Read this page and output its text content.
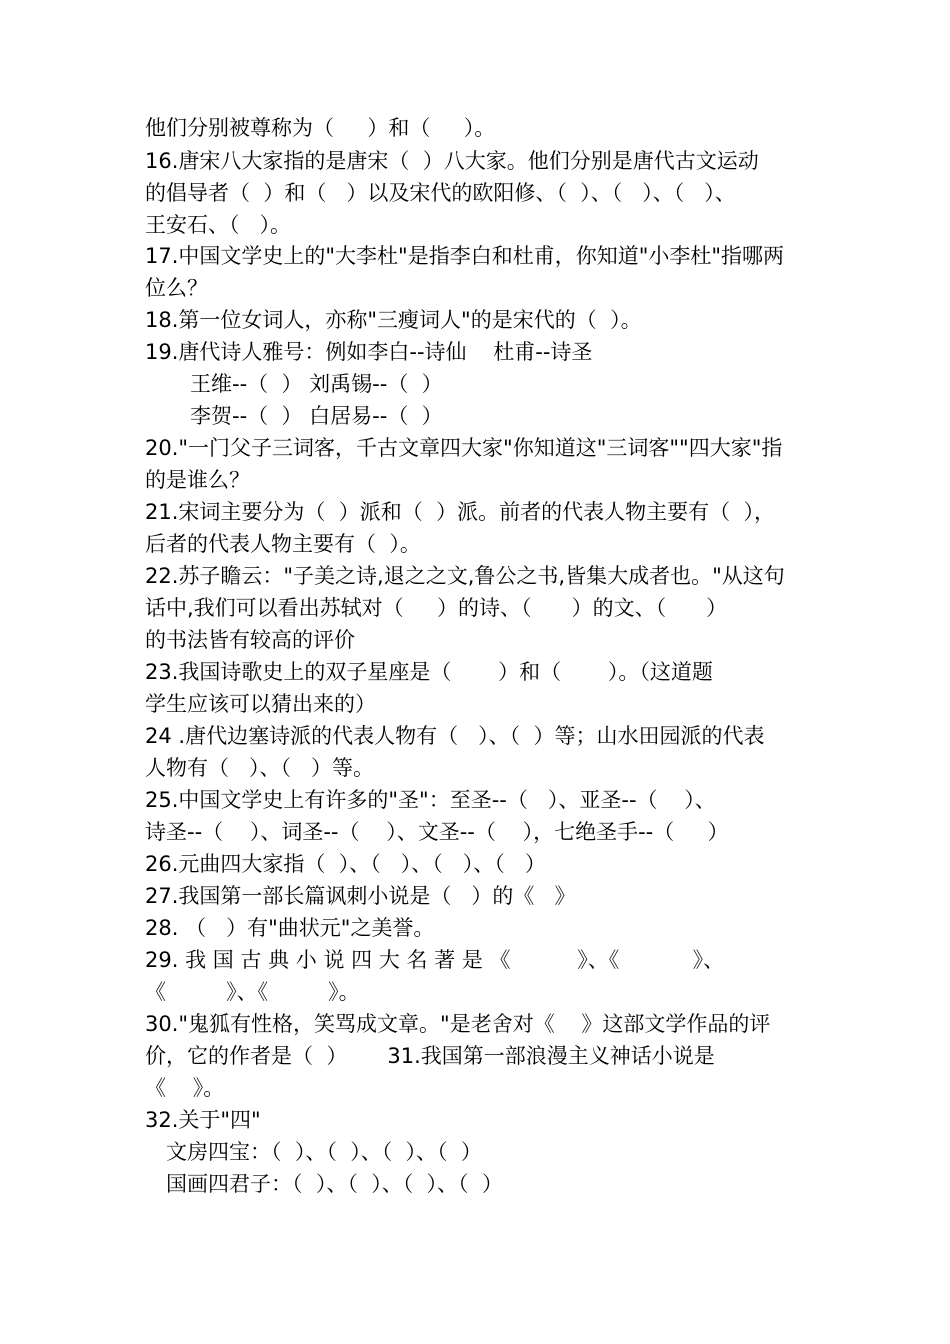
他们分别被尊称为（     ）和（     ）。
16.唐宋八大家指的是唐宋（  ）八大家。他们分别是唐代古文运动
的倡导者（  ）和（   ）以及宋代的欧阳修、（  ）、（   ）、（   ）、
王安石、（   ）。
17.中国文学史上的"大李杜"是指李白和杜甫，你知道"小李杜"指哪两
位么？
18.第一位女词人，亦称"三瘦词人"的是宋代的（  ）。
19.唐代诗人雅号：例如李白--诗仙    杜甫--诗圣
王维--（  ） 刘禹锡--（  ）
李贺--（  ） 白居易--（  ）
20."一门父子三词客，千古文章四大家"你知道这"三词客""四大家"指
的是谁么？
21.宋词主要分为（  ）派和（  ）派。前者的代表人物主要有（  ），
后者的代表人物主要有（  ）。
22.苏子瞻云："子美之诗,退之之文,鲁公之书,皆集大成者也。"从这句
话中,我们可以看出苏轼对（     ）的诗、（      ）的文、（      ）
的书法皆有较高的评价
23.我国诗歌史上的双子星座是（       ）和（       ）。（这道题
学生应该可以猜出来的）
24 .唐代边塞诗派的代表人物有（   ）、（  ）等；山水田园派的代表
人物有（   ）、（   ）等。
25.中国文学史上有许多的"圣"：至圣--（   ）、亚圣--（    ）、
诗圣--（    ）、词圣--（    ）、文圣--（    ），七绝圣手--（     ）
26.元曲四大家指（  ）、（   ）、（   ）、（   ）
27.我国第一部长篇讽刺小说是（   ）的《   》
28. （   ）有"曲状元"之美誉。
29. 我 国 古 典 小 说 四 大 名 著 是 《          》、《           》、
《         》、《         》。
30."鬼狐有性格，笑骂成文章。"是老舍对《    》这部文学作品的评
价，它的作者是（  ）      31.我国第一部浪漫主义神话小说是
《    》。
32.关于"四"
文房四宝：（  ）、（  ）、（  ）、（  ）
国画四君子：（  ）、（  ）、（  ）、（  ）
